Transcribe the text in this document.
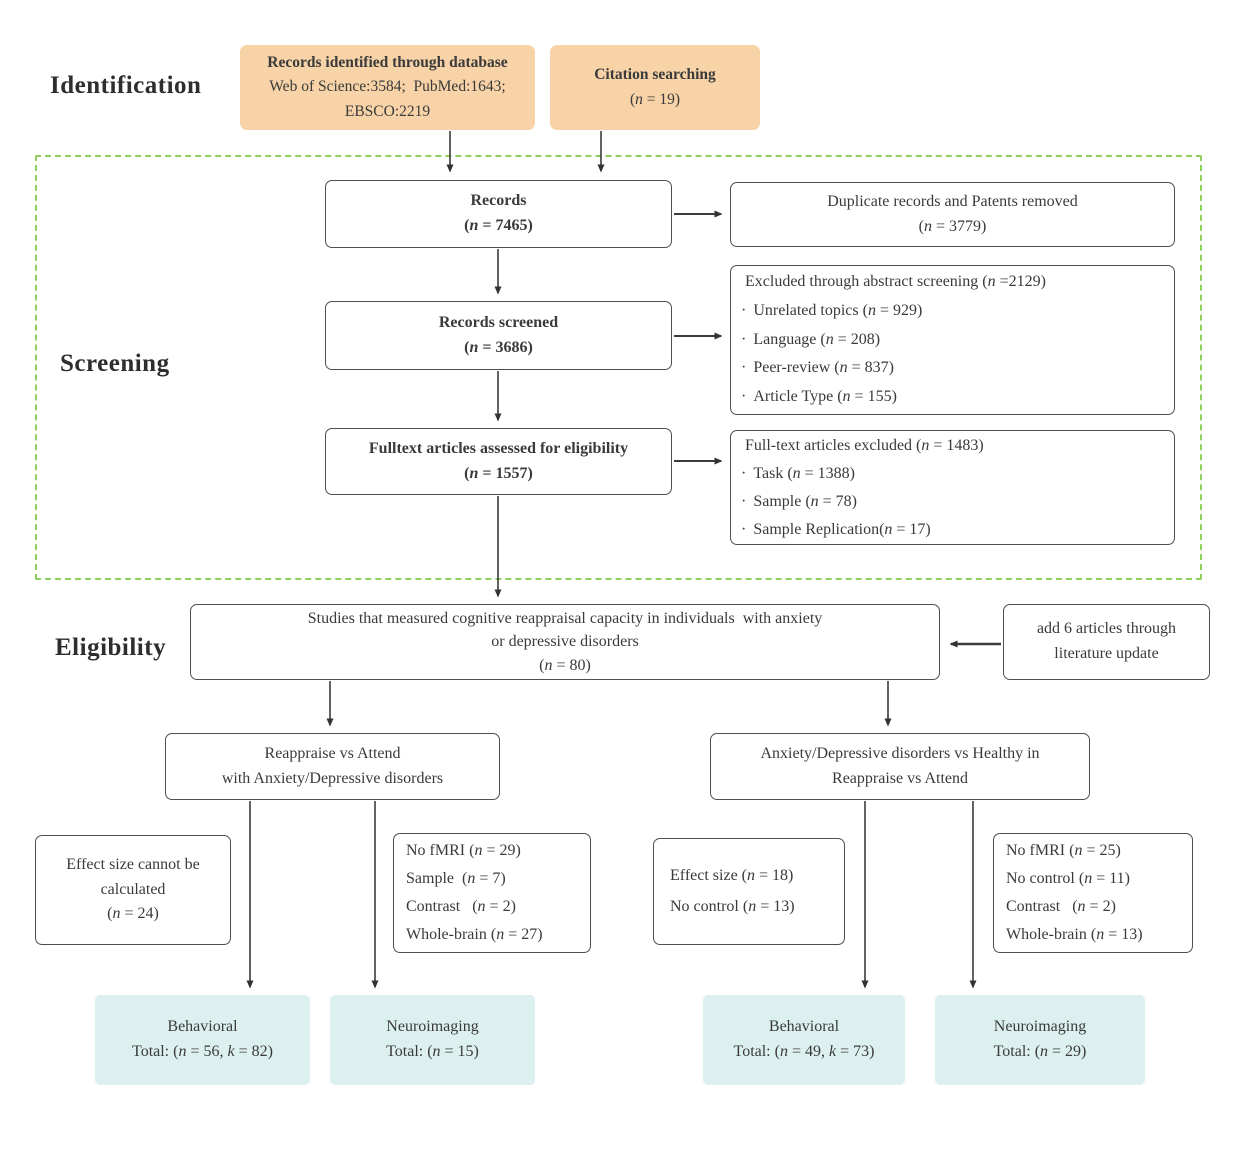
Identification
Screening
Eligibility
Records identified through database
Web of Science:3584;  PubMed:1643;
EBSCO:2219
Citation searching
(n = 19)
Records
(n = 7465)
Duplicate records and Patents removed
(n = 3779)
Records screened
(n = 3686)
Excluded through abstract screening (n =2129)
· Unrelated topics (n = 929)
· Language (n = 208)
· Peer-review (n = 837)
· Article Type (n = 155)
Fulltext articles assessed for eligibility
(n = 1557)
Full-text articles excluded (n = 1483)
· Task (n = 1388)
· Sample (n = 78)
· Sample Replication(n = 17)
Studies that measured cognitive reappraisal capacity in individuals  with anxiety
or depressive disorders
(n = 80)
add 6 articles through
literature update
Reappraise vs Attend
with Anxiety/Depressive disorders
Anxiety/Depressive disorders vs Healthy in
Reappraise vs Attend
Effect size cannot be
calculated
(n = 24)
No fMRI (n = 29)
Sample  (n = 7)
Contrast   (n = 2)
Whole-brain (n = 27)
Effect size (n = 18)
No control (n = 13)
No fMRI (n = 25)
No control (n = 11)
Contrast   (n = 2)
Whole-brain (n = 13)
Behavioral
Total: (n = 56, k = 82)
Neuroimaging
Total: (n = 15)
Behavioral
Total: (n = 49, k = 73)
Neuroimaging
Total: (n = 29)
